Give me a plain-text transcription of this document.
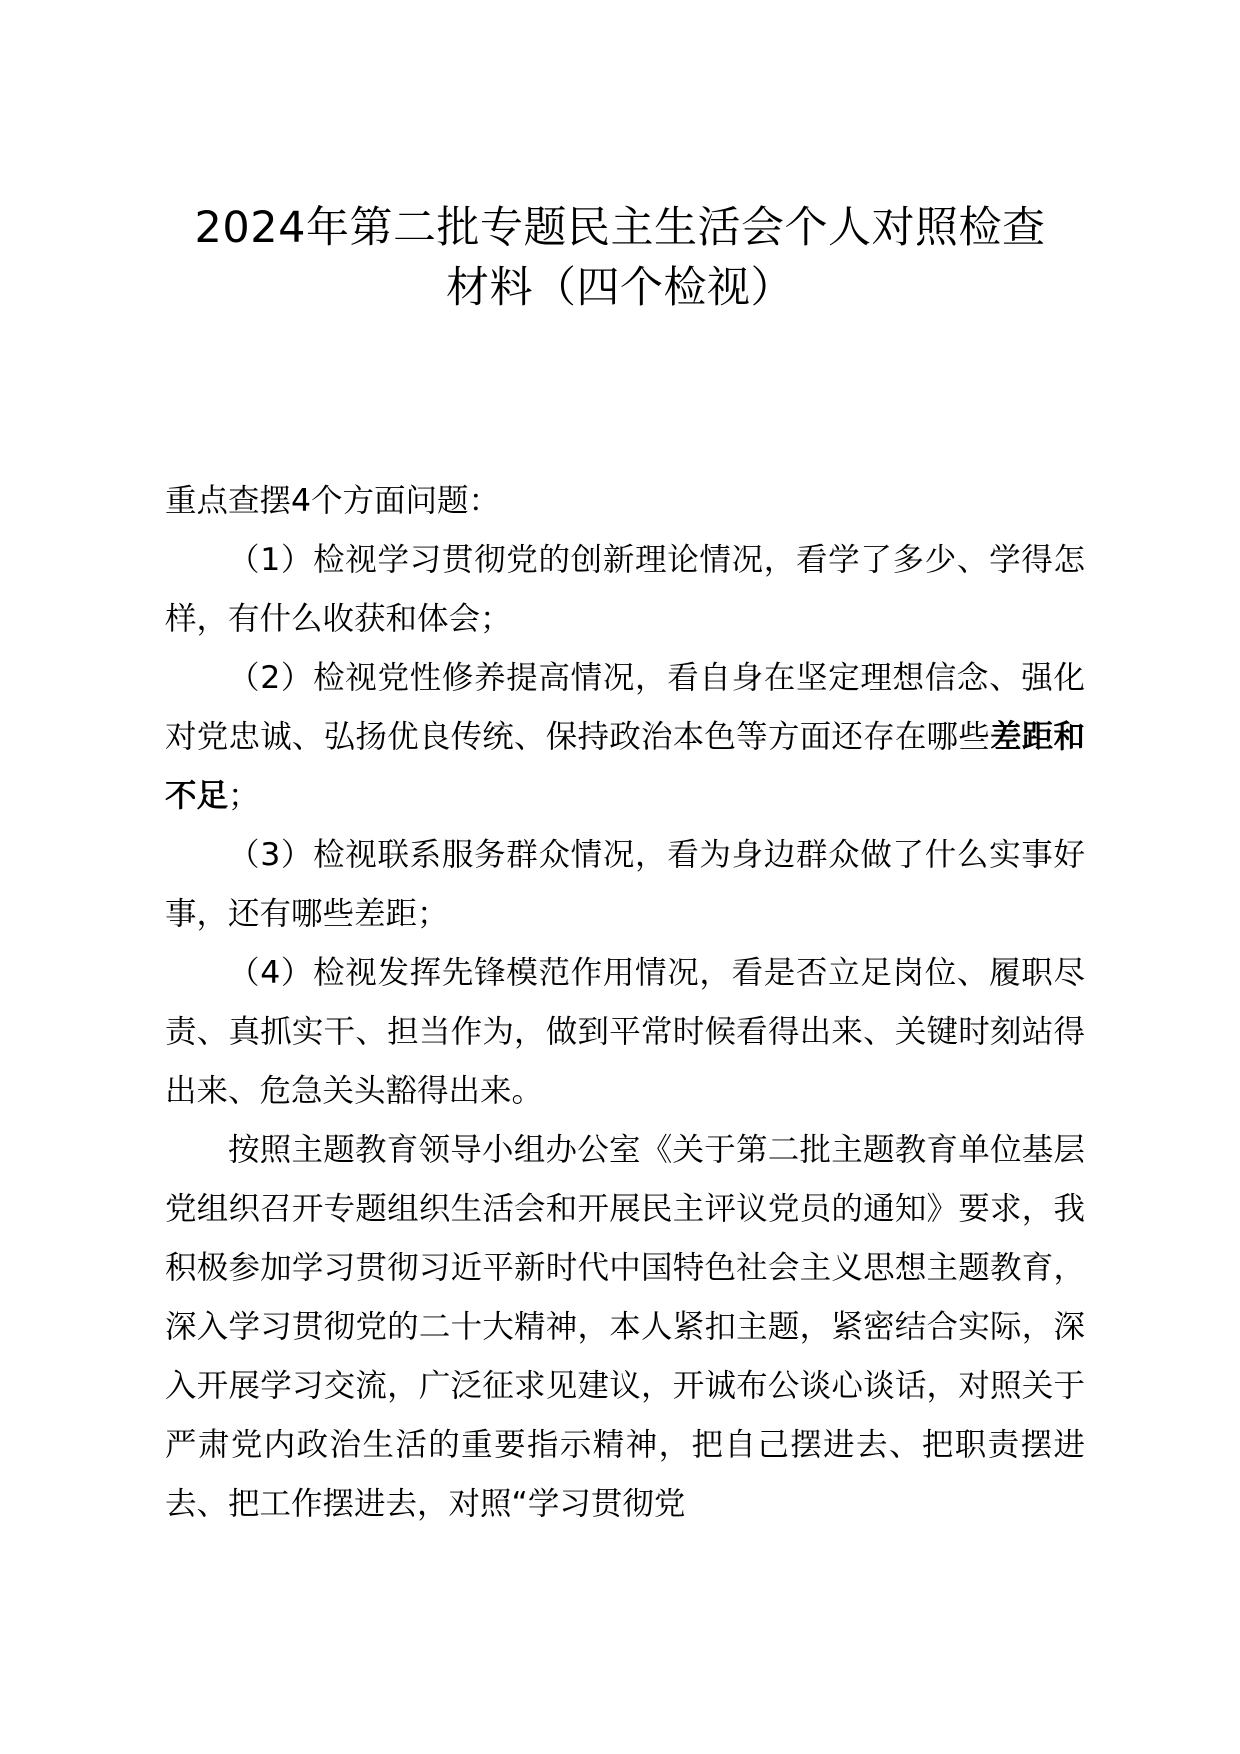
2024年第二批专题民主生活会个人对照检查
材料（四个检视）

重点查摆4个方面问题：

（1）检视学习贯彻党的创新理论情况，看学了多少、学得怎样，有什么收获和体会；

（2）检视党性修养提高情况，看自身在坚定理想信念、强化对党忠诚、弘扬优良传统、保持政治本色等方面还存在哪些差距和不足；

（3）检视联系服务群众情况，看为身边群众做了什么实事好事，还有哪些差距；

（4）检视发挥先锋模范作用情况，看是否立足岗位、履职尽责、真抓实干、担当作为，做到平常时候看得出来、关键时刻站得出来、危急关头豁得出来。

按照主题教育领导小组办公室《关于第二批主题教育单位基层党组织召开专题组织生活会和开展民主评议党员的通知》要求，我积极参加学习贯彻习近平新时代中国特色社会主义思想主题教育，深入学习贯彻党的二十大精神，本人紧扣主题，紧密结合实际，深入开展学习交流，广泛征求见建议，开诚布公谈心谈话，对照关于严肃党内政治生活的重要指示精神，把自己摆进去、把职责摆进去、把工作摆进去，对照“学习贯彻党
